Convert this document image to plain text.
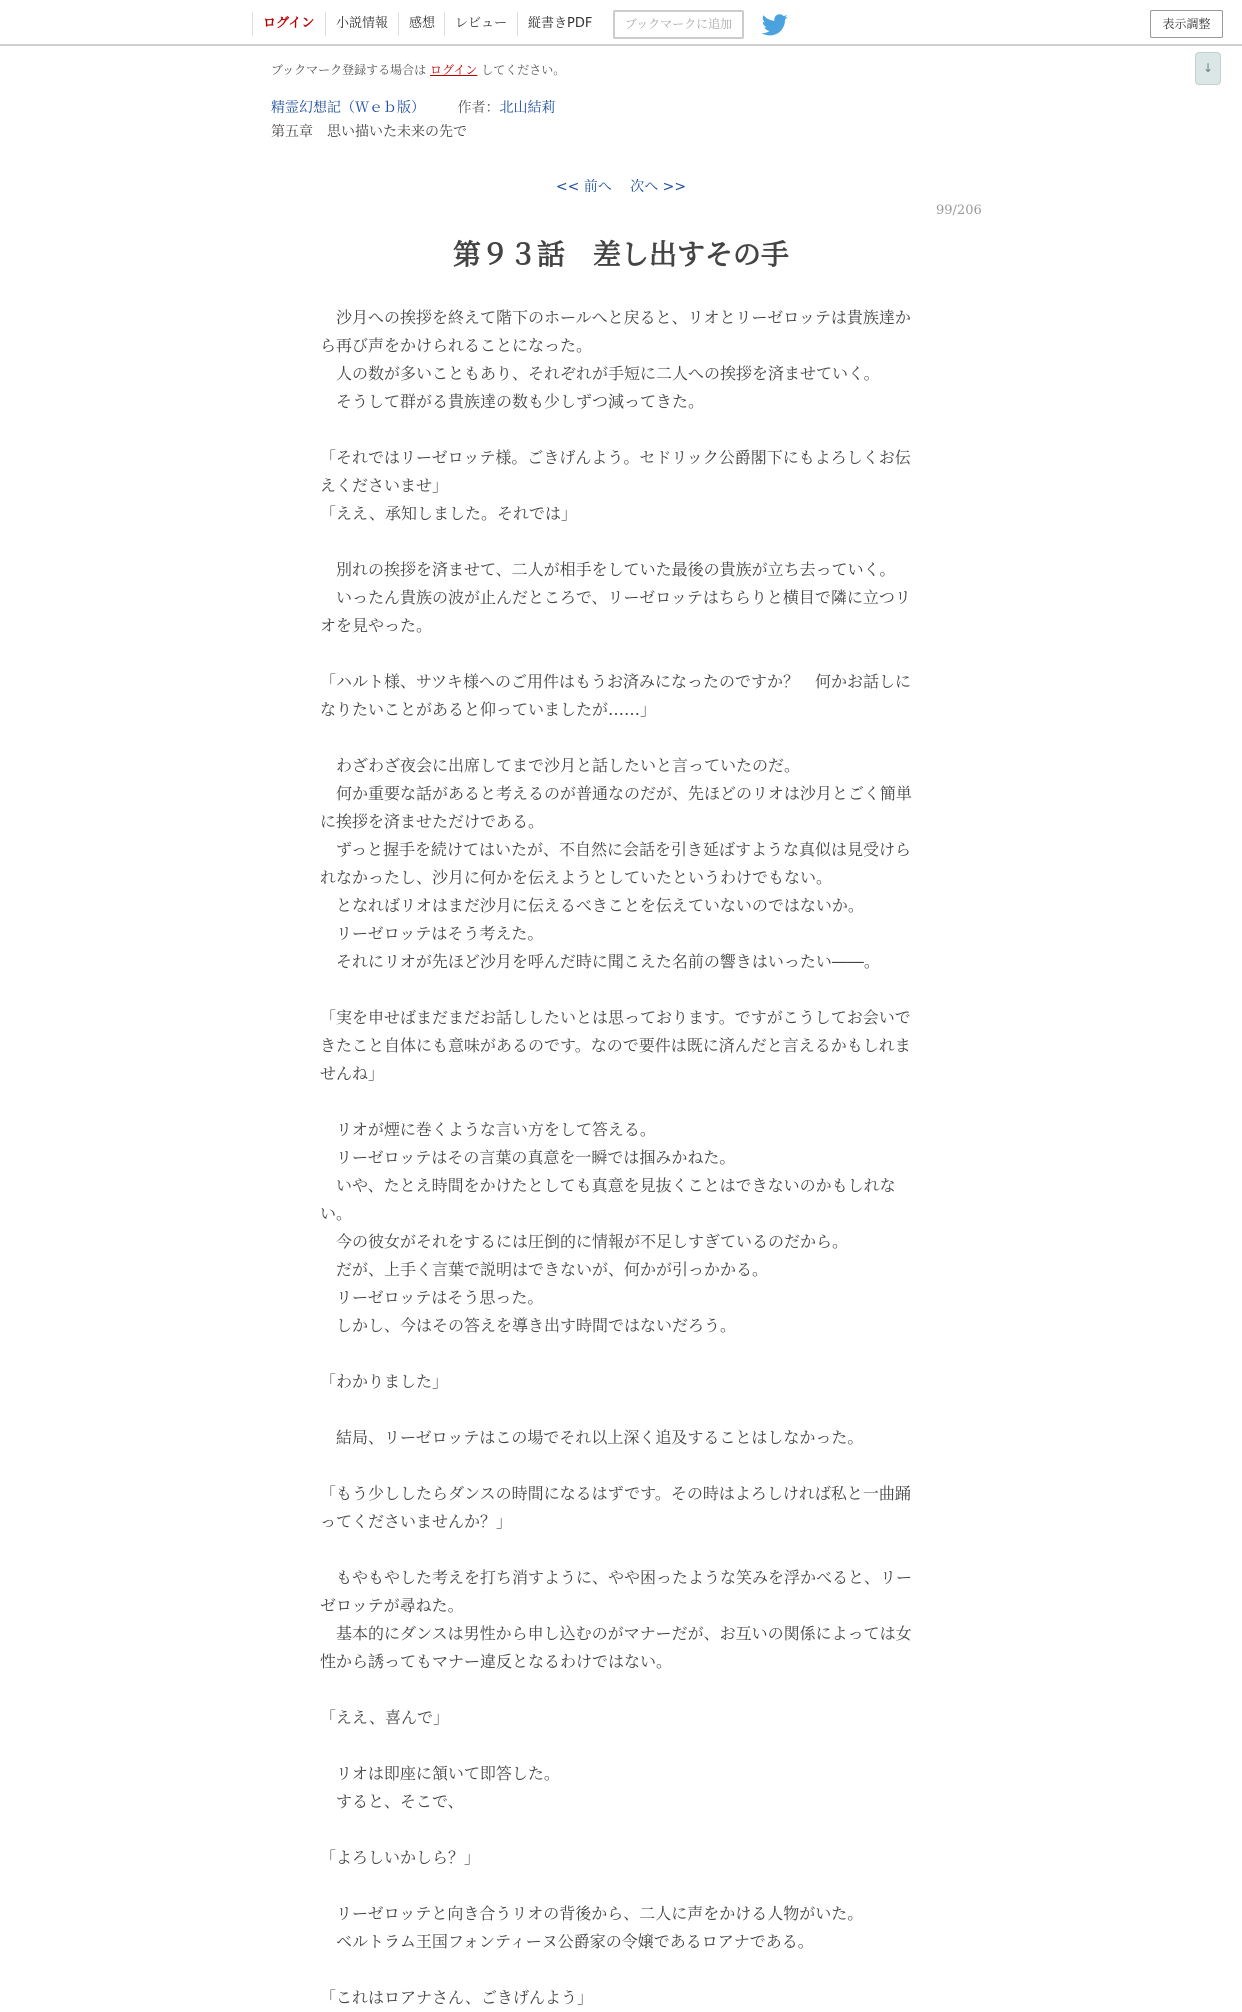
ログイン	小説情報	感想	レビュー	縦書きPDF	ブックマークに追加	表示調整
↓
ブックマーク登録する場合は ログイン してください。
精霊幻想記（Ｗｅｂ版） 作者：北山結莉
第五章　思い描いた未来の先で
<< 前へ 次へ >>
99/206
第９３話　差し出すその手

　沙月への挨拶を終えて階下のホールへと戻ると、リオとリーゼロッテは貴族達から再び声をかけられることになった。

　人の数が多いこともあり、それぞれが手短に二人への挨拶を済ませていく。

　そうして群がる貴族達の数も少しずつ減ってきた。

「それではリーゼロッテ様。ごきげんよう。セドリック公爵閣下にもよろしくお伝えくださいませ」

「ええ、承知しました。それでは」

　別れの挨拶を済ませて、二人が相手をしていた最後の貴族が立ち去っていく。

　いったん貴族の波が止んだところで、リーゼロッテはちらりと横目で隣に立つリオを見やった。

「ハルト様、サツキ様へのご用件はもうお済みになったのですか？　何かお話しになりたいことがあると仰っていましたが……」

　わざわざ夜会に出席してまで沙月と話したいと言っていたのだ。

　何か重要な話があると考えるのが普通なのだが、先ほどのリオは沙月とごく簡単に挨拶を済ませただけである。

　ずっと握手を続けてはいたが、不自然に会話を引き延ばすような真似は見受けられなかったし、沙月に何かを伝えようとしていたというわけでもない。

　となればリオはまだ沙月に伝えるべきことを伝えていないのではないか。

　リーゼロッテはそう考えた。

　それにリオが先ほど沙月を呼んだ時に聞こえた名前の響きはいったい――。

「実を申せばまだまだお話ししたいとは思っております。ですがこうしてお会いできたこと自体にも意味があるのです。なので要件は既に済んだと言えるかもしれませんね」

　リオが煙に巻くような言い方をして答える。

　リーゼロッテはその言葉の真意を一瞬では掴みかねた。

　いや、たとえ時間をかけたとしても真意を見抜くことはできないのかもしれない。

　今の彼女がそれをするには圧倒的に情報が不足しすぎているのだから。

　だが、上手く言葉で説明はできないが、何かが引っかかる。

　リーゼロッテはそう思った。

　しかし、今はその答えを導き出す時間ではないだろう。

「わかりました」

　結局、リーゼロッテはこの場でそれ以上深く追及することはしなかった。

「もう少ししたらダンスの時間になるはずです。その時はよろしければ私と一曲踊ってくださいませんか？」

　もやもやした考えを打ち消すように、やや困ったような笑みを浮かべると、リーゼロッテが尋ねた。

　基本的にダンスは男性から申し込むのがマナーだが、お互いの関係によっては女性から誘ってもマナー違反となるわけではない。

「ええ、喜んで」

　リオは即座に頷いて即答した。

　すると、そこで、

「よろしいかしら？」

　リーゼロッテと向き合うリオの背後から、二人に声をかける人物がいた。

　ベルトラム王国フォンティーヌ公爵家の令嬢であるロアナである。

「これはロアナさん、ごきげんよう」
